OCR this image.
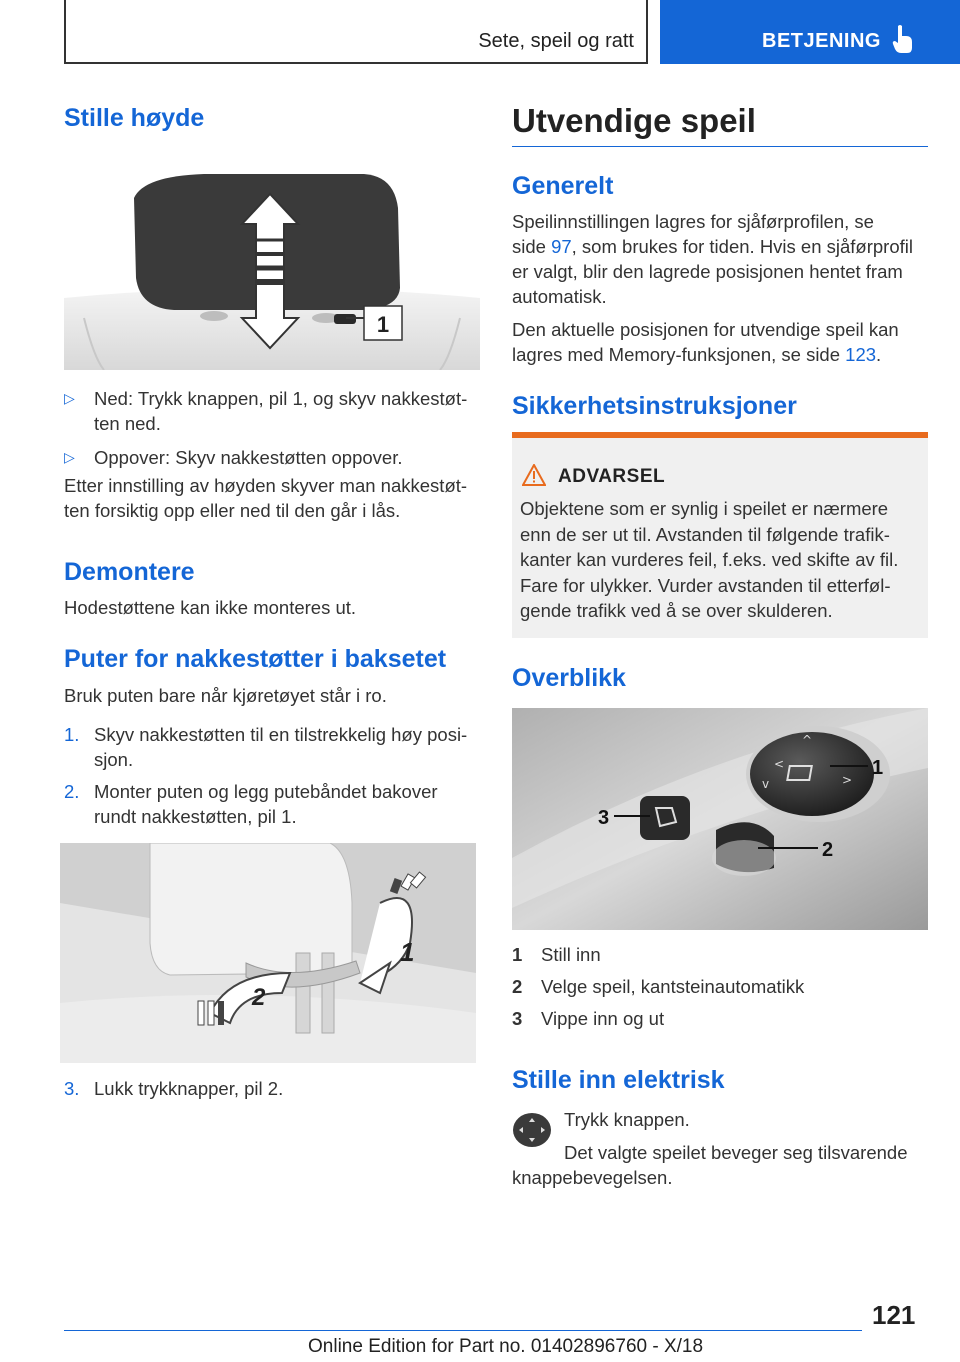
Sete, speil og ratt	BETJENING
Stille høyde
1
▷ Ned: Trykk knappen, pil 1, og skyv nakkestøt-
ten ned.
▷ Oppover: Skyv nakkestøtten oppover.
Etter innstilling av høyden skyver man nakkestøt-
ten forsiktig opp eller ned til den går i lås.
Demontere
Hodestøttene kan ikke monteres ut.
Puter for nakkestøtter i baksetet
Bruk puten bare når kjøretøyet står i ro.
1. Skyv nakkestøtten til en tilstrekkelig høy posi-
sjon.
2. Monter puten og legg putebåndet bakover
rundt nakkestøtten, pil 1.
1
2
3. Lukk trykknapper, pil 2.
Utvendige speil
Generelt
Speilinnstillingen lagres for sjåførprofilen, se
side 97, som brukes for tiden. Hvis en sjåførprofil
er valgt, blir den lagrede posisjonen hentet fram
automatisk.
Den aktuelle posisjonen for utvendige speil kan
lagres med Memory-funksjonen, se side 123.
Sikkerhetsinstruksjoner
ADVARSEL
Objektene som er synlig i speilet er nærmere
enn de ser ut til. Avstanden til følgende trafik-
kanter kan vurderes feil, f.eks. ved skifte av fil.
Fare for ulykker. Vurder avstanden til etterføl-
gende trafikk ved å se over skulderen.
Overblikk
<
>
^
v
1
2
3
1 Still inn
2 Velge speil, kantsteinautomatikk
3 Vippe inn og ut
Stille inn elektrisk
Trykk knappen.
Det valgte speilet beveger seg tilsvarende
knappebevegelsen.
121
Online Edition for Part no. 01402896760 - X/18
